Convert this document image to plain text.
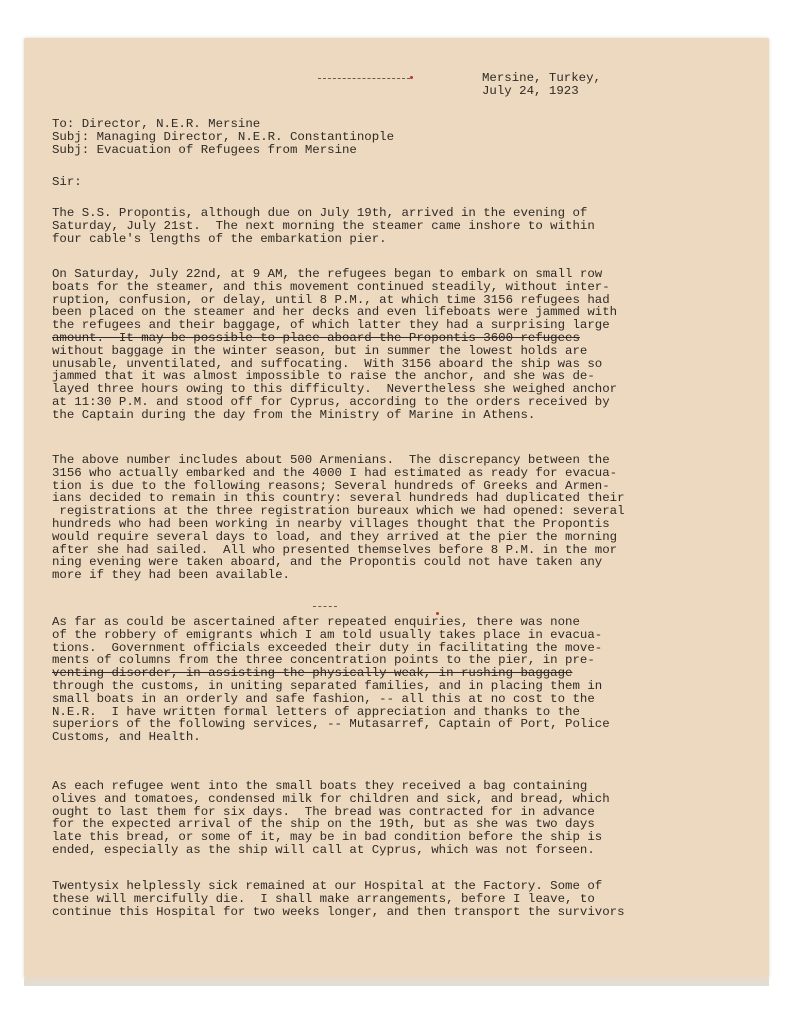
Mersine, Turkey,
July 24, 1923
To: Director, N.E.R. Mersine
Subj: Managing Director, N.E.R. Constantinople
Subj: Evacuation of Refugees from Mersine
Sir:
The S.S. Propontis, although due on July 19th, arrived in the evening of
Saturday, July 21st.  The next morning the steamer came inshore to within
four cable's lengths of the embarkation pier.
On Saturday, July 22nd, at 9 AM, the refugees began to embark on small row
boats for the steamer, and this movement continued steadily, without inter-
ruption, confusion, or delay, until 8 P.M., at which time 3156 refugees had
been placed on the steamer and her decks and even lifeboats were jammed with
the refugees and their baggage, of which latter they had a surprising large
amount.  It may be possible to place aboard the Propontis 3600 refugees
without baggage in the winter season, but in summer the lowest holds are
unusable, unventilated, and suffocating.  With 3156 aboard the ship was so
jammed that it was almost impossible to raise the anchor, and she was de-
layed three hours owing to this difficulty.  Nevertheless she weighed anchor
at 11:30 P.M. and stood off for Cyprus, according to the orders received by
the Captain during the day from the Ministry of Marine in Athens.
The above number includes about 500 Armenians.  The discrepancy between the
3156 who actually embarked and the 4000 I had estimated as ready for evacua-
tion is due to the following reasons; Several hundreds of Greeks and Armen-
ians decided to remain in this country: several hundreds had duplicated their
registrations at the three registration bureaux which we had opened: several
hundreds who had been working in nearby villages thought that the Propontis
would require several days to load, and they arrived at the pier the morning
after she had sailed.  All who presented themselves before 8 P.M. in the mor
ning evening were taken aboard, and the Propontis could not have taken any
more if they had been available.
As far as could be ascertained after repeated enquiries, there was none
of the robbery of emigrants which I am told usually takes place in evacua-
tions.  Government officials exceeded their duty in facilitating the move-
ments of columns from the three concentration points to the pier, in pre-
venting disorder, in assisting the physically weak, in rushing baggage
through the customs, in uniting separated families, and in placing them in
small boats in an orderly and safe fashion, -- all this at no cost to the
N.E.R.  I have written formal letters of appreciation and thanks to the
superiors of the following services, -- Mutasarref, Captain of Port, Police
Customs, and Health.
As each refugee went into the small boats they received a bag containing
olives and tomatoes, condensed milk for children and sick, and bread, which
ought to last them for six days.  The bread was contracted for in advance
for the expected arrival of the ship on the 19th, but as she was two days
late this bread, or some of it, may be in bad condition before the ship is
ended, especially as the ship will call at Cyprus, which was not forseen.
Twentysix helplessly sick remained at our Hospital at the Factory. Some of
these will mercifully die.  I shall make arrangements, before I leave, to
continue this Hospital for two weeks longer, and then transport the survivors
